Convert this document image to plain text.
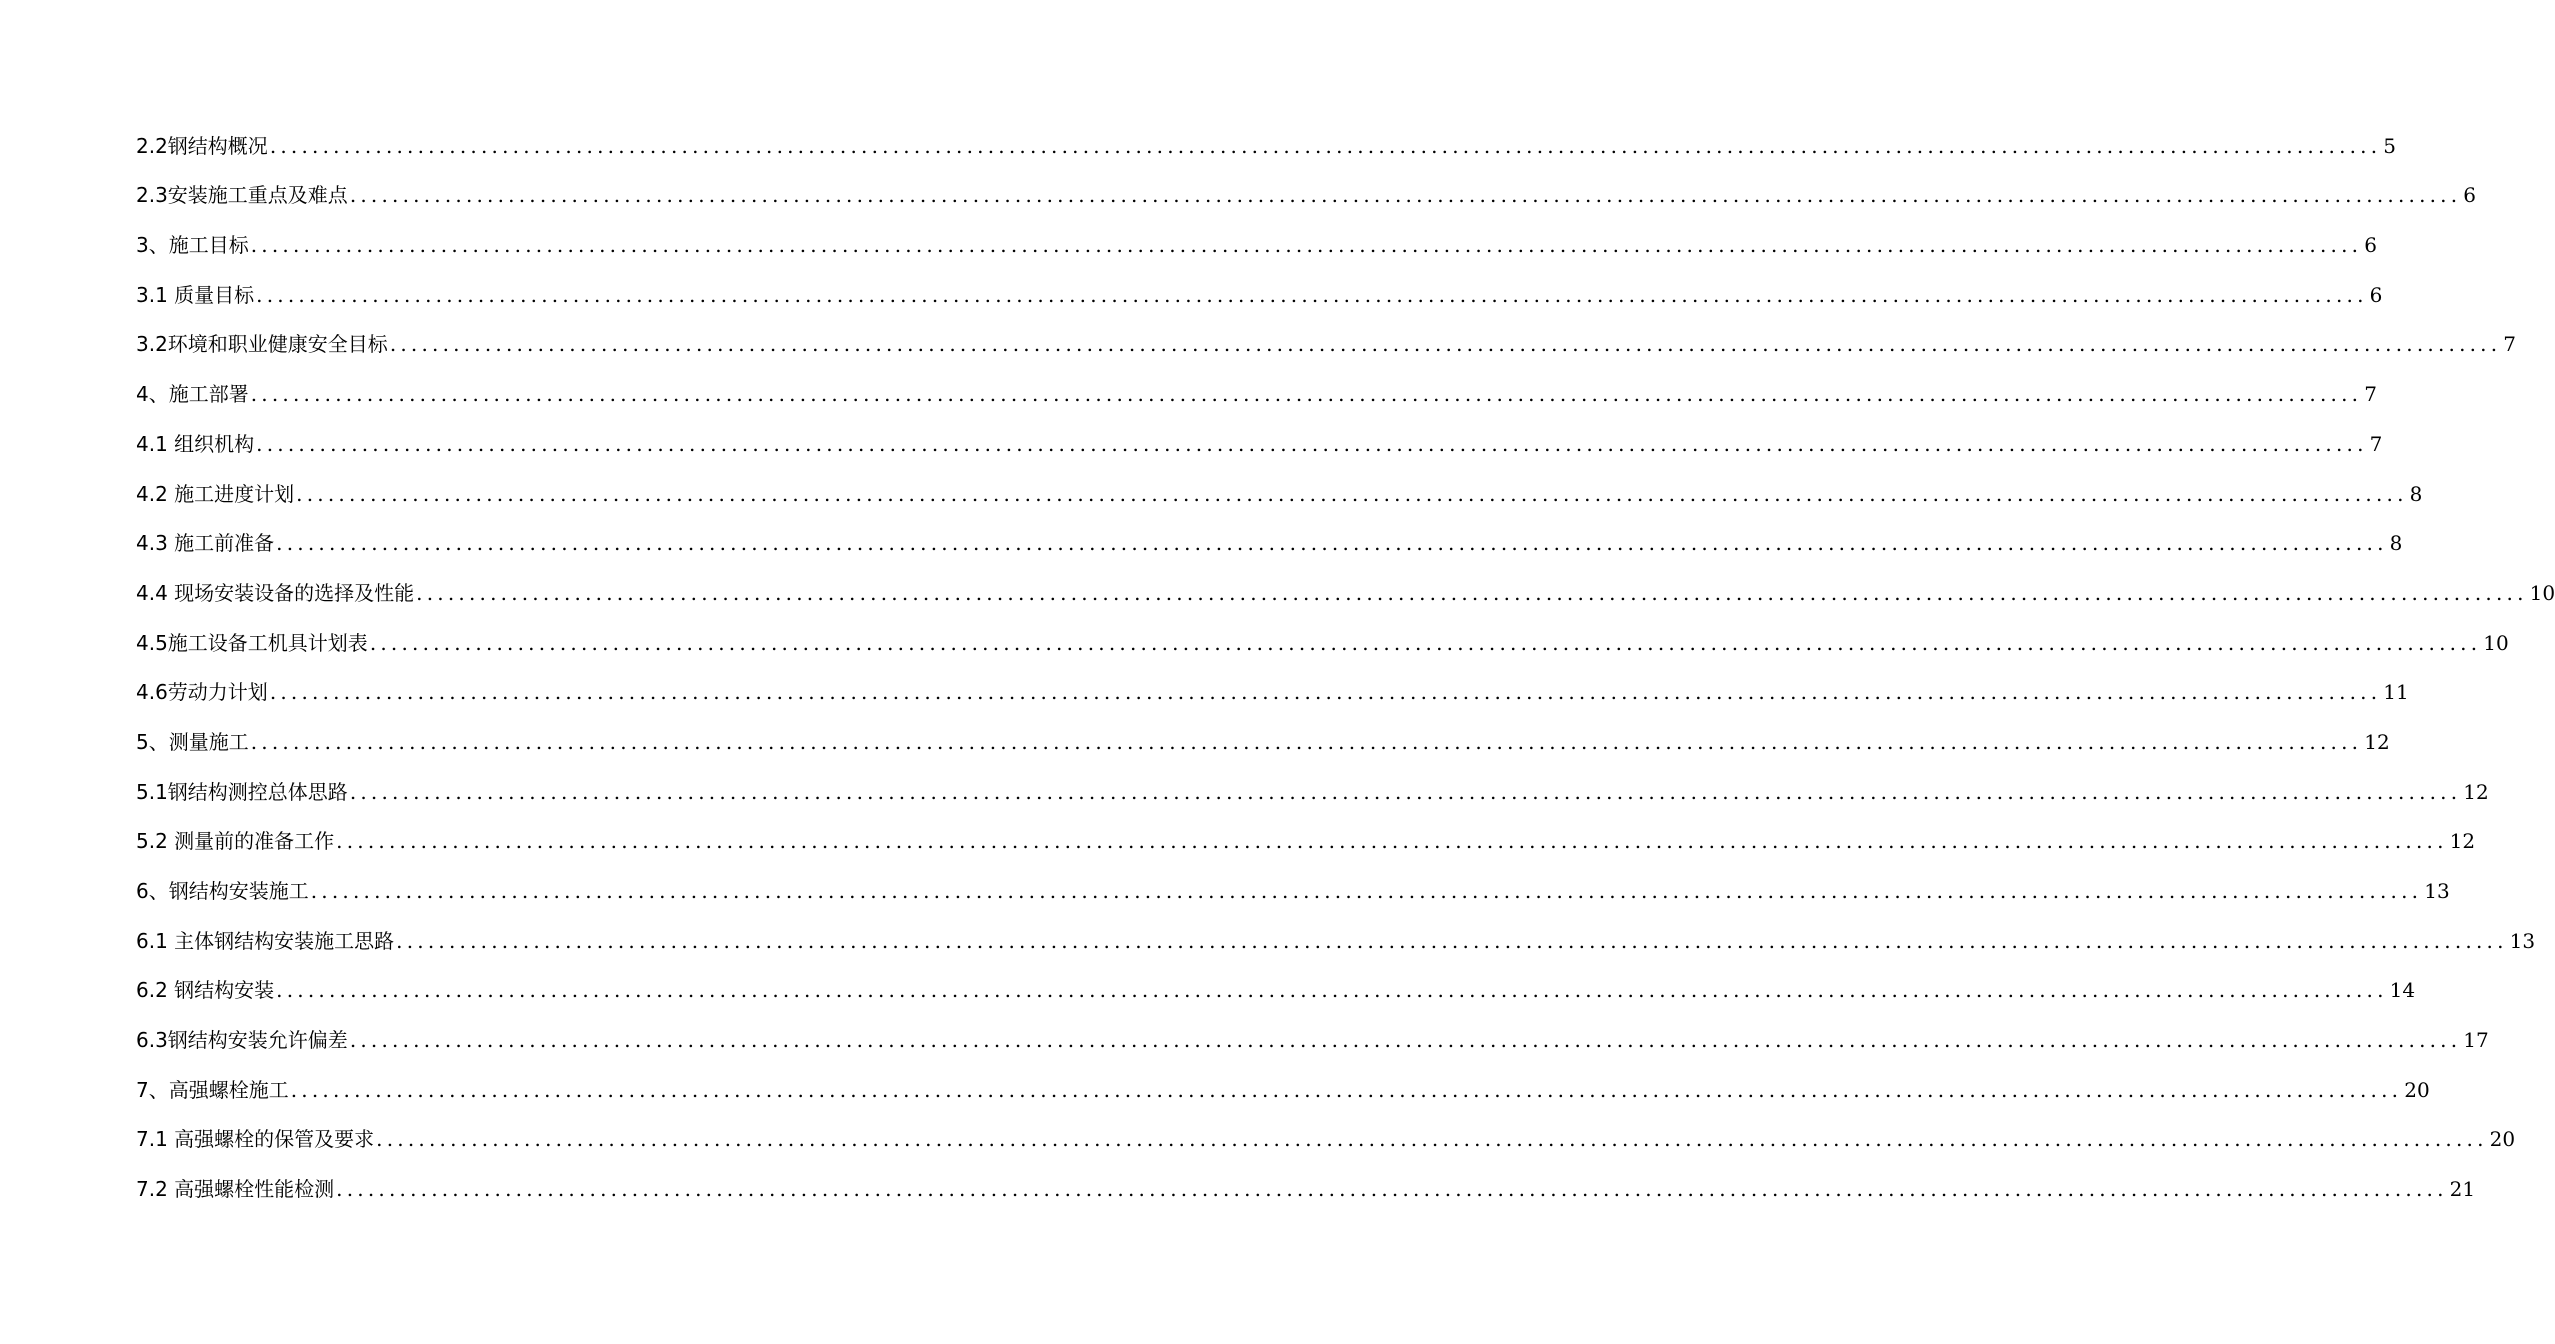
2.2钢结构概况 ........................................................................................................................................................................................................ 5
2.3安装施工重点及难点 ........................................................................................................................................................................................................ 6
3、施工目标 ........................................................................................................................................................................................................ 6
3.1 质量目标 ........................................................................................................................................................................................................ 6
3.2环境和职业健康安全目标 ........................................................................................................................................................................................................ 7
4、施工部署 ........................................................................................................................................................................................................ 7
4.1 组织机构 ........................................................................................................................................................................................................ 7
4.2 施工进度计划 ........................................................................................................................................................................................................ 8
4.3 施工前准备 ........................................................................................................................................................................................................ 8
4.4 现场安装设备的选择及性能 ........................................................................................................................................................................................................ 10
4.5施工设备工机具计划表 ........................................................................................................................................................................................................ 10
4.6劳动力计划 ........................................................................................................................................................................................................ 11
5、测量施工 ........................................................................................................................................................................................................ 12
5.1钢结构测控总体思路 ........................................................................................................................................................................................................ 12
5.2 测量前的准备工作 ........................................................................................................................................................................................................ 12
6、钢结构安装施工 ........................................................................................................................................................................................................ 13
6.1 主体钢结构安装施工思路 ........................................................................................................................................................................................................ 13
6.2 钢结构安装 ........................................................................................................................................................................................................ 14
6.3钢结构安装允许偏差 ........................................................................................................................................................................................................ 17
7、高强螺栓施工 ........................................................................................................................................................................................................ 20
7.1 高强螺栓的保管及要求 ........................................................................................................................................................................................................ 20
7.2 高强螺栓性能检测 ........................................................................................................................................................................................................ 21
